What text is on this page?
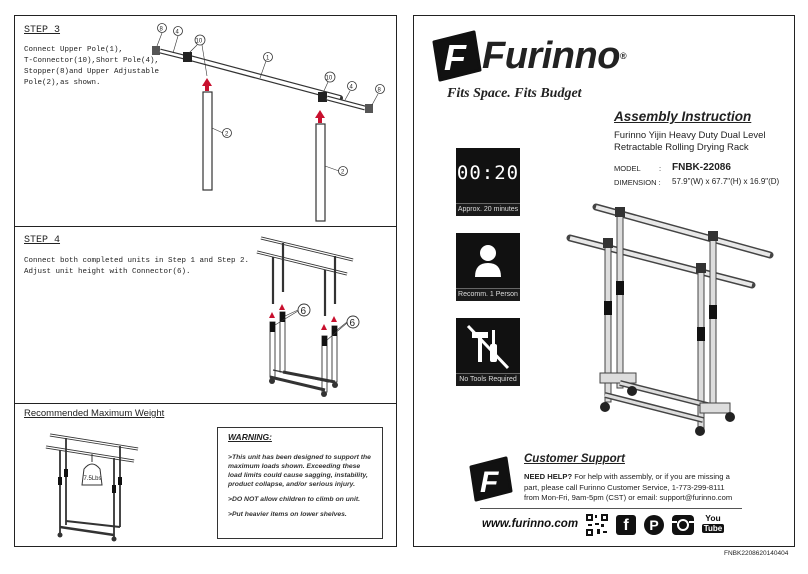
STEP 3
Connect Upper Pole(1),
T-Connector(10),Short Pole(4),
Stopper(8)and Upper Adjustable
Pole(2),as shown.
8 4
10
1
10
4	8
2
2
STEP 4
Connect both completed units in Step 1 and Step 2.
Adjust unit height with Connector(6).
6
6
Recommended Maximum Weight
7.5Lbs
WARNING:
>This unit has been designed to support the maximum loads shown. Exceeding these load limits could cause sagging, instability, product collapse, and/or serious injury.
>DO NOT allow children to climb on unit.
>Put heavier items on lower shelves.
F Furinno®
Fits Space. Fits Budget
Assembly Instruction
Furinno Yijin Heavy Duty Dual Level
Retractable Rolling Drying Rack
MODEL : FNBK-22086
DIMENSION : 57.9"(W) x 67.7"(H) x 16.9"(D)
00:20
Approx. 20 minutes
Recomm. 1 Person
No Tools Required
F
Customer Support
NEED HELP? For help with assembly, or if you are missing a
part, please call Furinno Customer Service, 1-773-299-8111
from Mon-Fri, 9am-5pm (CST) or email: support@furinno.com
www.furinno.com	f	P	You
Tube
FNBK2208620140404
